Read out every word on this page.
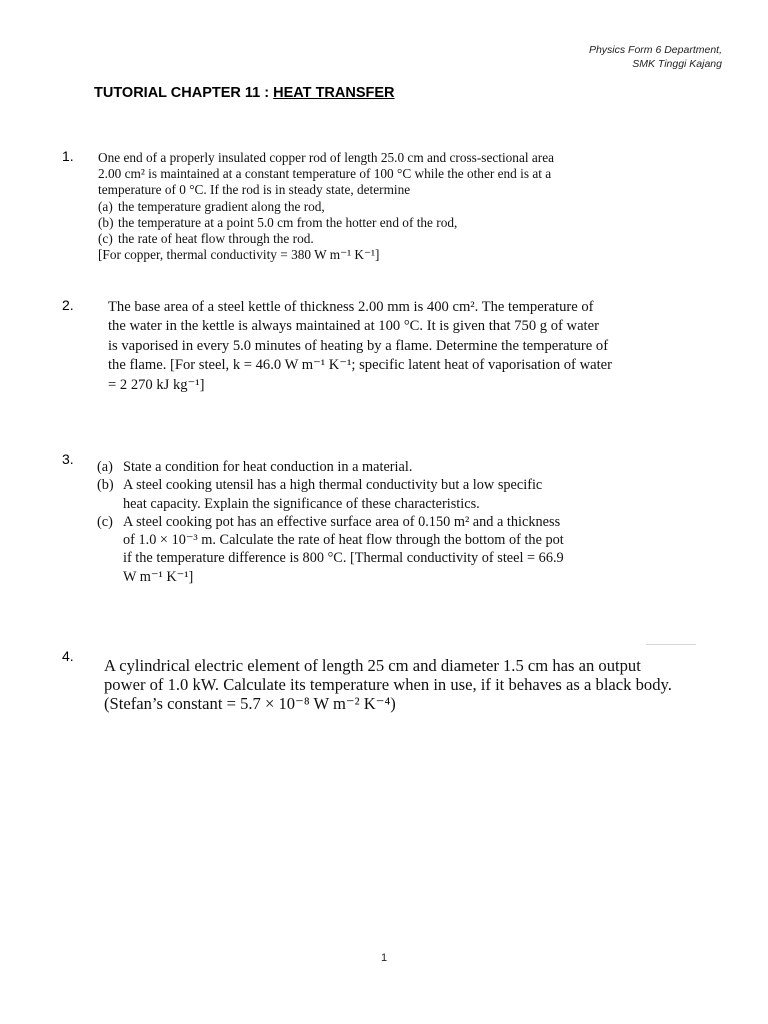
Physics Form 6 Department,
SMK Tinggi Kajang
TUTORIAL CHAPTER 11 : HEAT TRANSFER
1. One end of a properly insulated copper rod of length 25.0 cm and cross-sectional area
2.00 cm² is maintained at a constant temperature of 100 °C while the other end is at a
temperature of 0 °C. If the rod is in steady state, determine
(a) the temperature gradient along the rod,
(b) the temperature at a point 5.0 cm from the hotter end of the rod,
(c) the rate of heat flow through the rod.
[For copper, thermal conductivity = 380 W m⁻¹ K⁻¹]
2. The base area of a steel kettle of thickness 2.00 mm is 400 cm². The temperature of
the water in the kettle is always maintained at 100 °C. It is given that 750 g of water
is vaporised in every 5.0 minutes of heating by a flame. Determine the temperature of
the flame. [For steel, k = 46.0 W m⁻¹ K⁻¹; specific latent heat of vaporisation of water
= 2 270 kJ kg⁻¹]
3. (a) State a condition for heat conduction in a material.
(b) A steel cooking utensil has a high thermal conductivity but a low specific
heat capacity. Explain the significance of these characteristics.
(c) A steel cooking pot has an effective surface area of 0.150 m² and a thickness
of 1.0 × 10⁻³ m. Calculate the rate of heat flow through the bottom of the pot
if the temperature difference is 800 °C. [Thermal conductivity of steel = 66.9
W m⁻¹ K⁻¹]
4. A cylindrical electric element of length 25 cm and diameter 1.5 cm has an output
power of 1.0 kW. Calculate its temperature when in use, if it behaves as a black body.
(Stefan’s constant = 5.7 × 10⁻⁸ W m⁻² K⁻⁴)
1
